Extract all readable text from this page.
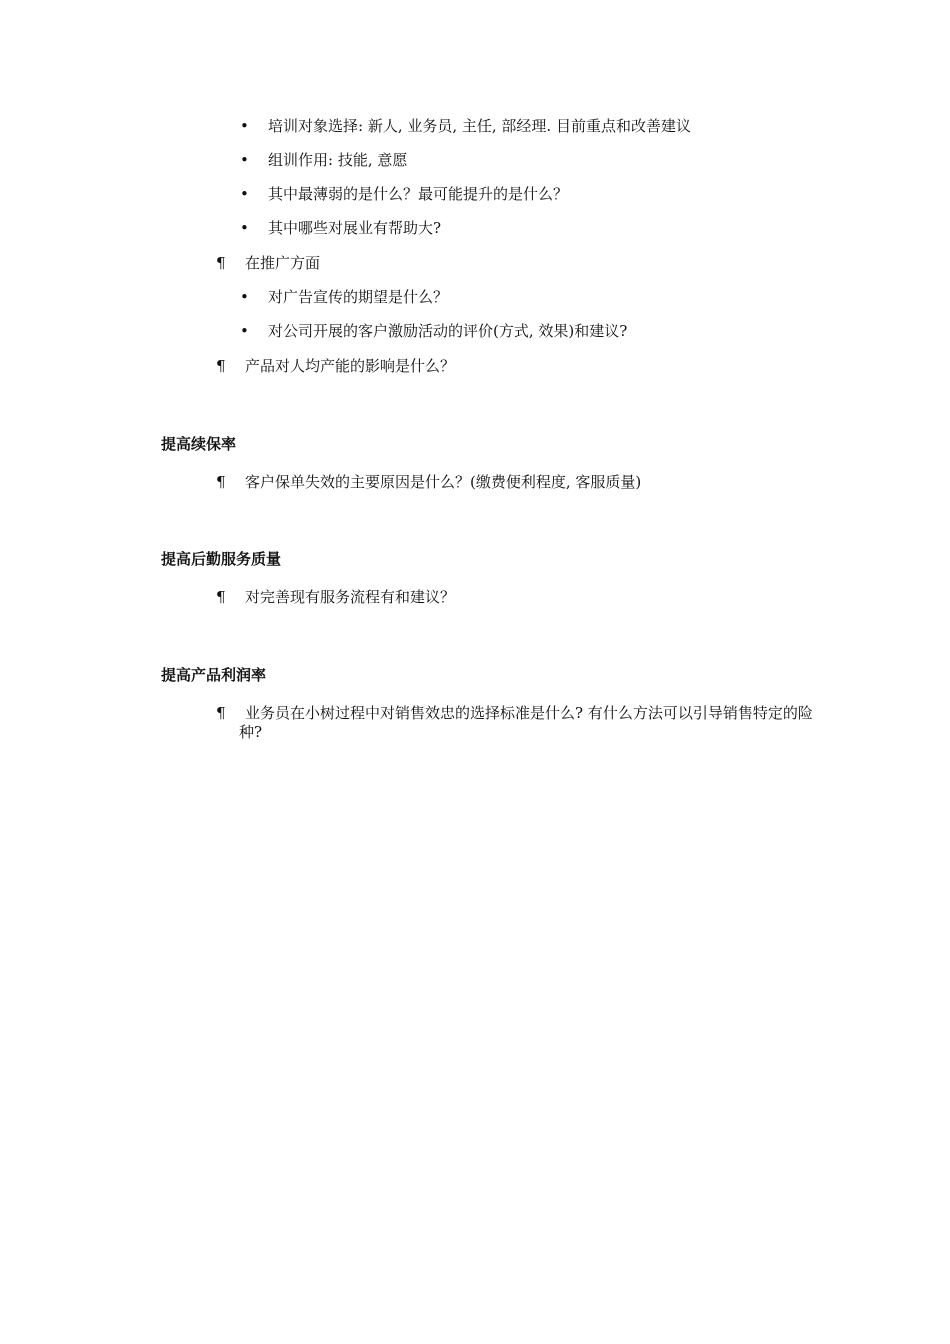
• 培训对象选择: 新人, 业务员, 主任, 部经理. 目前重点和改善建议
• 组训作用: 技能, 意愿
• 其中最薄弱的是什么？最可能提升的是什么？
• 其中哪些对展业有帮助大?
¶ 在推广方面
• 对广告宣传的期望是什么？
• 对公司开展的客户激励活动的评价(方式, 效果)和建议?
¶ 产品对人均产能的影响是什么？
提高续保率
¶ 客户保单失效的主要原因是什么？(缴费便利程度, 客服质量)
提高后勤服务质量
¶ 对完善现有服务流程有和建议？
提高产品利润率
¶ 业务员在小树过程中对销售效忠的选择标准是什么? 有什么方法可以引导销售特定的险
种?
